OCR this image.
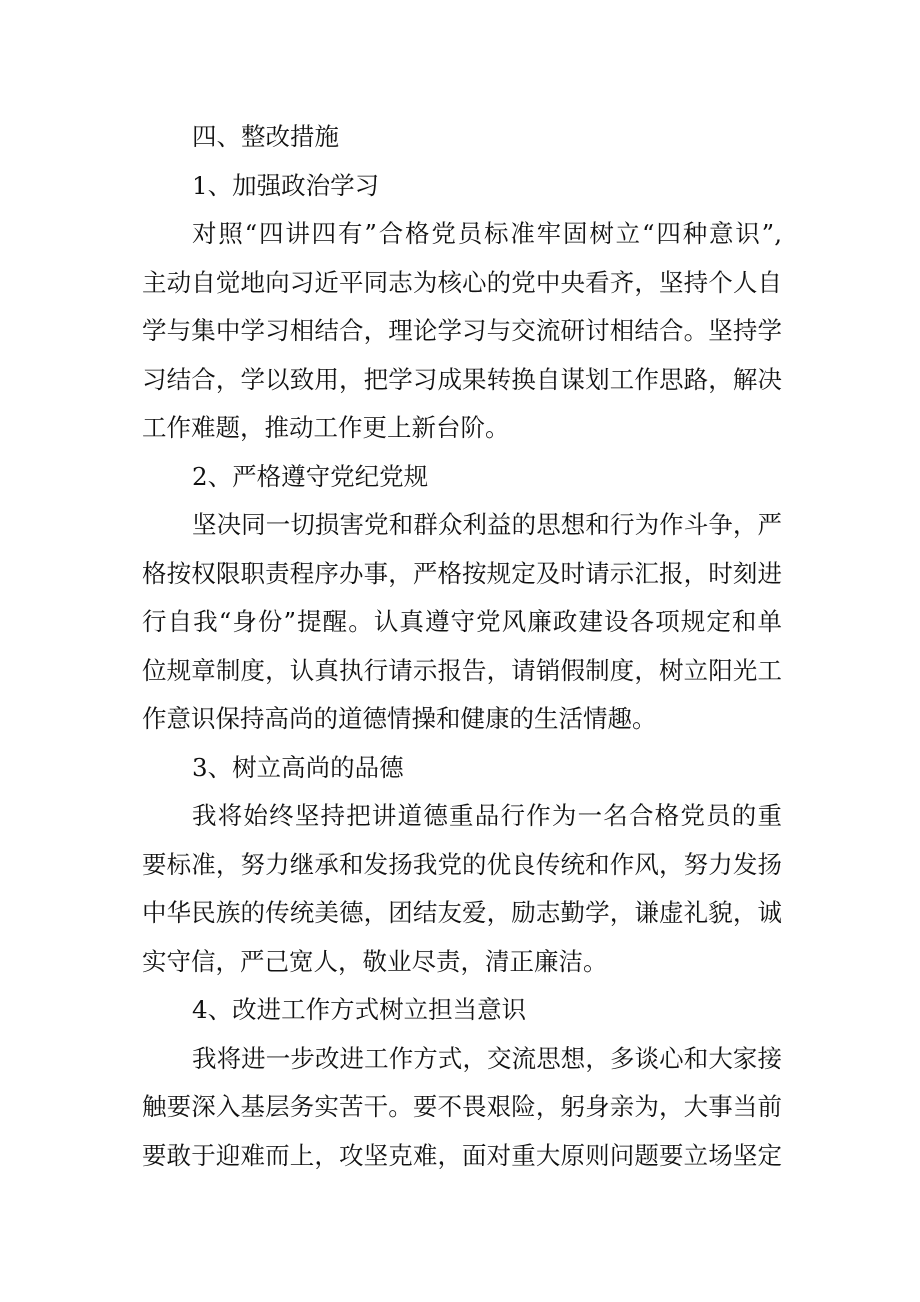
四、整改措施
1、加强政治学习
对照“四讲四有”合格党员标准牢固树立“四种意识”,
主动自觉地向习近平同志为核心的党中央看齐，坚持个人自
学与集中学习相结合，理论学习与交流研讨相结合。坚持学
习结合，学以致用，把学习成果转换自谋划工作思路，解决
工作难题，推动工作更上新台阶。
2、严格遵守党纪党规
坚决同一切损害党和群众利益的思想和行为作斗争，严
格按权限职责程序办事，严格按规定及时请示汇报，时刻进
行自我“身份”提醒。认真遵守党风廉政建设各项规定和单
位规章制度，认真执行请示报告，请销假制度，树立阳光工
作意识保持高尚的道德情操和健康的生活情趣。
3、树立高尚的品德
我将始终坚持把讲道德重品行作为一名合格党员的重
要标准，努力继承和发扬我党的优良传统和作风，努力发扬
中华民族的传统美德，团结友爱，励志勤学，谦虚礼貌，诚
实守信，严己宽人，敬业尽责，清正廉洁。
4、改进工作方式树立担当意识
我将进一步改进工作方式，交流思想，多谈心和大家接
触要深入基层务实苦干。要不畏艰险，躬身亲为，大事当前
要敢于迎难而上，攻坚克难，面对重大原则问题要立场坚定
